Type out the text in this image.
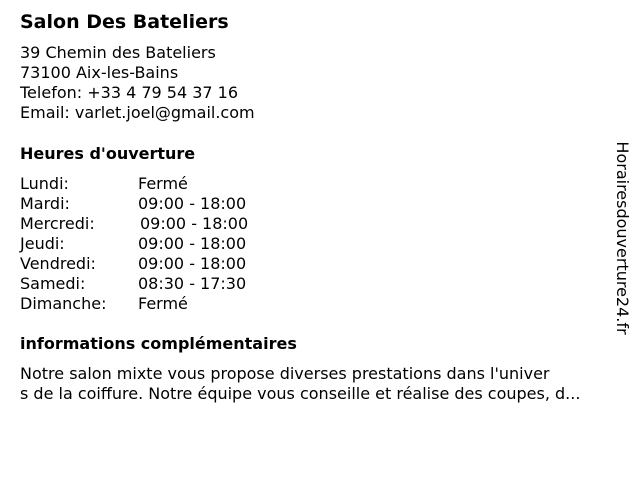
Salon Des Bateliers
39 Chemin des Bateliers
73100 Aix-les-Bains
Telefon: +33 4 79 54 37 16
Email: varlet.joel@gmail.com
Heures d'ouverture
Lundi:	Fermé
Mardi:	09:00 - 18:00
Mercredi:	09:00 - 18:00
Jeudi:	09:00 - 18:00
Vendredi:	09:00 - 18:00
Samedi:	08:30 - 17:30
Dimanche: Fermé
informations complémentaires
Notre salon mixte vous propose diverses prestations dans l'univer
s de la coiffure. Notre équipe vous conseille et réalise des coupes, d...
Horairesdouverture24.fr
